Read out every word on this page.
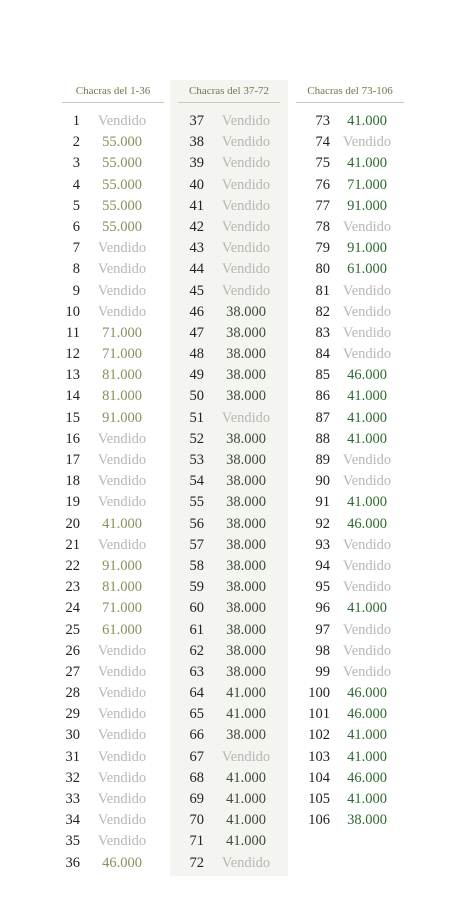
Chacras del 1-36
1	Vendido
2	55.000
3	55.000
4	55.000
5	55.000
6	55.000
7	Vendido
8	Vendido
9	Vendido
10	Vendido
11	71.000
12	71.000
13	81.000
14	81.000
15	91.000
16	Vendido
17	Vendido
18	Vendido
19	Vendido
20	41.000
21	Vendido
22	91.000
23	81.000
24	71.000
25	61.000
26	Vendido
27	Vendido
28	Vendido
29	Vendido
30	Vendido
31	Vendido
32	Vendido
33	Vendido
34	Vendido
35	Vendido
36	46.000
Chacras del 37-72
37	Vendido
38	Vendido
39	Vendido
40	Vendido
41	Vendido
42	Vendido
43	Vendido
44	Vendido
45	Vendido
46	38.000
47	38.000
48	38.000
49	38.000
50	38.000
51	Vendido
52	38.000
53	38.000
54	38.000
55	38.000
56	38.000
57	38.000
58	38.000
59	38.000
60	38.000
61	38.000
62	38.000
63	38.000
64	41.000
65	41.000
66	38.000
67	Vendido
68	41.000
69	41.000
70	41.000
71	41.000
72	Vendido
Chacras del 73-106
73	41.000
74 Vendido
75	41.000
76	71.000
77	91.000
78 Vendido
79	91.000
80	61.000
81 Vendido
82 Vendido
83 Vendido
84 Vendido
85	46.000
86	41.000
87	41.000
88	41.000
89 Vendido
90 Vendido
91	41.000
92	46.000
93 Vendido
94 Vendido
95 Vendido
96	41.000
97 Vendido
98 Vendido
99 Vendido
100	46.000
101	46.000
102	41.000
103	41.000
104	46.000
105	41.000
106	38.000
